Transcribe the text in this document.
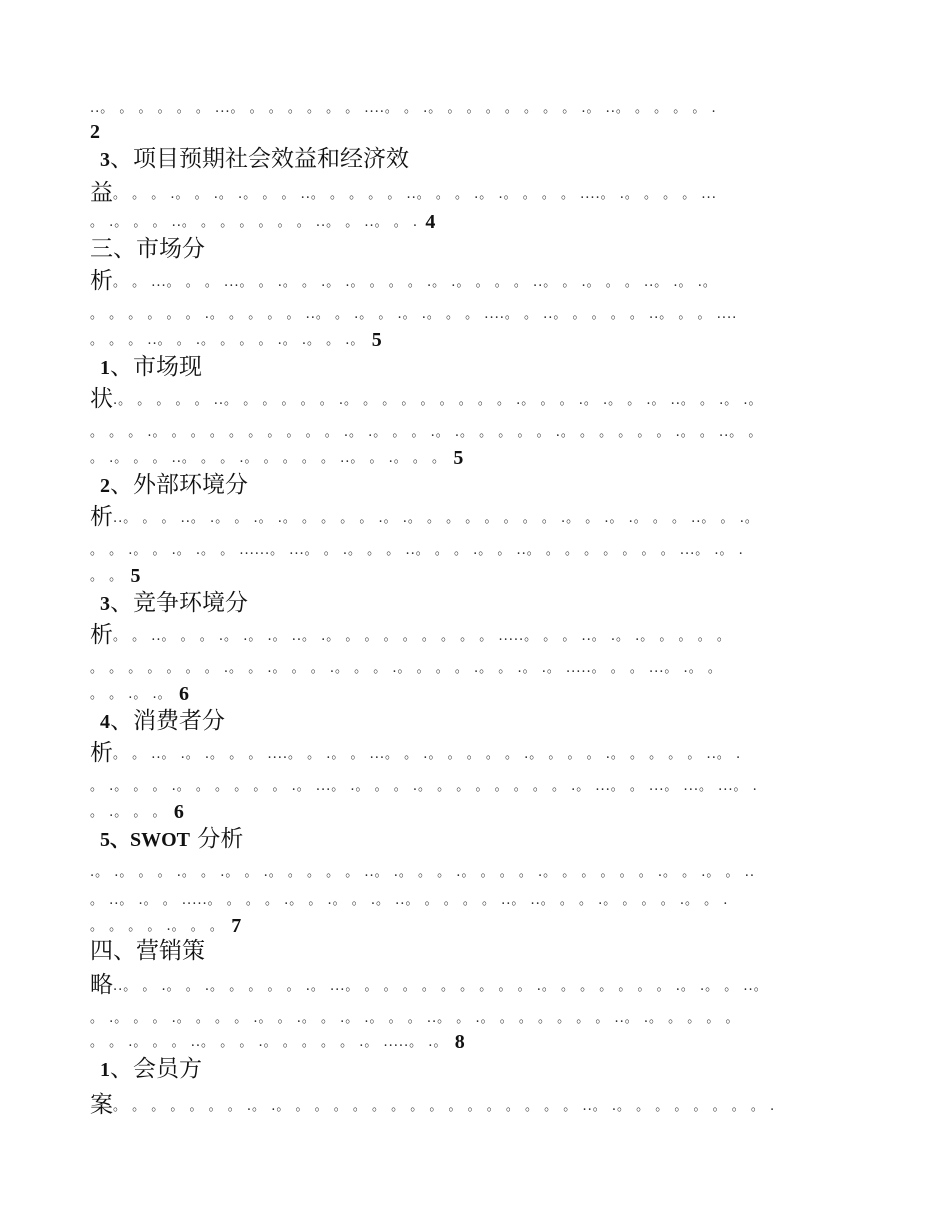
..。 。 。 。 。 。 ...。 。 。 。 。 。 。 ....。 。 .。 。 。 。 。 。 。 。 .。 ..。 。 。 。 。 .
2
3、项目预期社会效益和经济效
益。 。 。 .。 。 .。 .。 。 。 ..。 。 。 。 。 ..。 。 。 .。 .。 。 。 。 ....。 .。 。 。 。 ...
。 .。 。 。 ..。 。 。 。 。 。 。 ..。 。 ..。 。 . 4
三、市场分
析。 。 ...。 。 。 ...。 。 .。 。 .。 .。 。 。 。 .。 .。 。 。 。 ..。 。 .。 。 。 ..。 .。 .。
。 。 。 。 。 。 .。 。 。 。 。 ..。 。 .。 。 .。 .。 。 。 ....。 。 ..。 。 。 。 。 ..。 。 。 ....
。 。 。 ..。 。 .。 。 。 。 .。 .。 。 .。 5
1、市场现
状.。 。 。 。 。 ..。 。 。 。 。 。 .。 。 。 。 。 。 。 。 。 .。 。 。 .。 .。 。 .。 ..。 。 .。 .。
。 。 。 .。 。 。 。 。 。 。 。 。 。 .。 .。 。 。 .。 .。 。 。 。 。 .。 。 。 。 。 。 .。 。 ..。 。
。 .。 。 。 ..。 。 。 .。 。 。 。 。 ..。 。 .。 。 。 5
2、外部环境分
析..。 。 。 ..。 .。 。 .。 .。 。 。 。 。 .。 .。 。 。 。 。 。 。 。 .。 。 .。 .。 。 。 ..。 。 .。
。 。 .。 。 .。 .。 。 ......。 ...。 。 .。 。 。 ..。 。 。 .。 。 ..。 。 。 。 。 。 。 。 ...。 .。 .
。 。 5
3、竞争环境分
析。 。 ..。 。 。 .。 .。 .。 ..。 .。 。 。 。 。 。 。 。 。 .....。 。 。 ..。 .。 .。 。 。 。 。
。 。 。 。 。 。 。 .。 。 .。 。 。 .。 。 。 .。 。 。 。 .。 。 .。 .。 .....。 。 。 ...。 .。 。
。 。 .。 .。 6
4、消费者分
析。 。 ..。 .。 .。 。 。 ....。 。 .。 。 ...。 。 .。 。 。 。 。 .。 。 。 。 .。 。 。 。 。 ..。 .
。 .。 。 。 .。 。 。 。 。 。 .。 ...。 .。 。 。 .。 。 。 。 。 。 。 。 .。 ...。 。 ...。 ...。 ...。 .
。 .。 。 。 6
5、SWOT 分析
.。 .。 。 。 .。 。 .。 。 .。 。 。 。 。 ..。 .。 。 。 .。 。 。 。 .。 。 。 。 。 。 .。 。 .。 。 ..
。 ..。 .。 。 .....。 。 。 。 .。 。 .。 。 .。 ..。 。 。 。 。 ..。 ..。 。 。 .。 。 。 。 .。 。 .
。 。 。 。 .。 。 。 7
四、营销策
略..。 。 .。 。 .。 。 。 。 。 .。 ...。 。 。 。 。 。 。 。 。 。 .。 。 。 。 。 。 。 .。 .。 。 ..。
。 .。 。 。 .。 。 。 。 .。 。 .。 。 .。 .。 。 。 ..。 。 .。 。 。 。 。 。 。 ..。 .。 。 。 。 。
。 。 .。 。 。 ..。 。 。 .。 。 。 。 。 .。 .....。 .。 8
1、会员方
案。 。 。 。 。 。 。 .。 .。 。 。 。 。 。 。 。 。 。 。 。 。 。 。 。 ..。 .。 。 。 。 。 。 。 。 .
